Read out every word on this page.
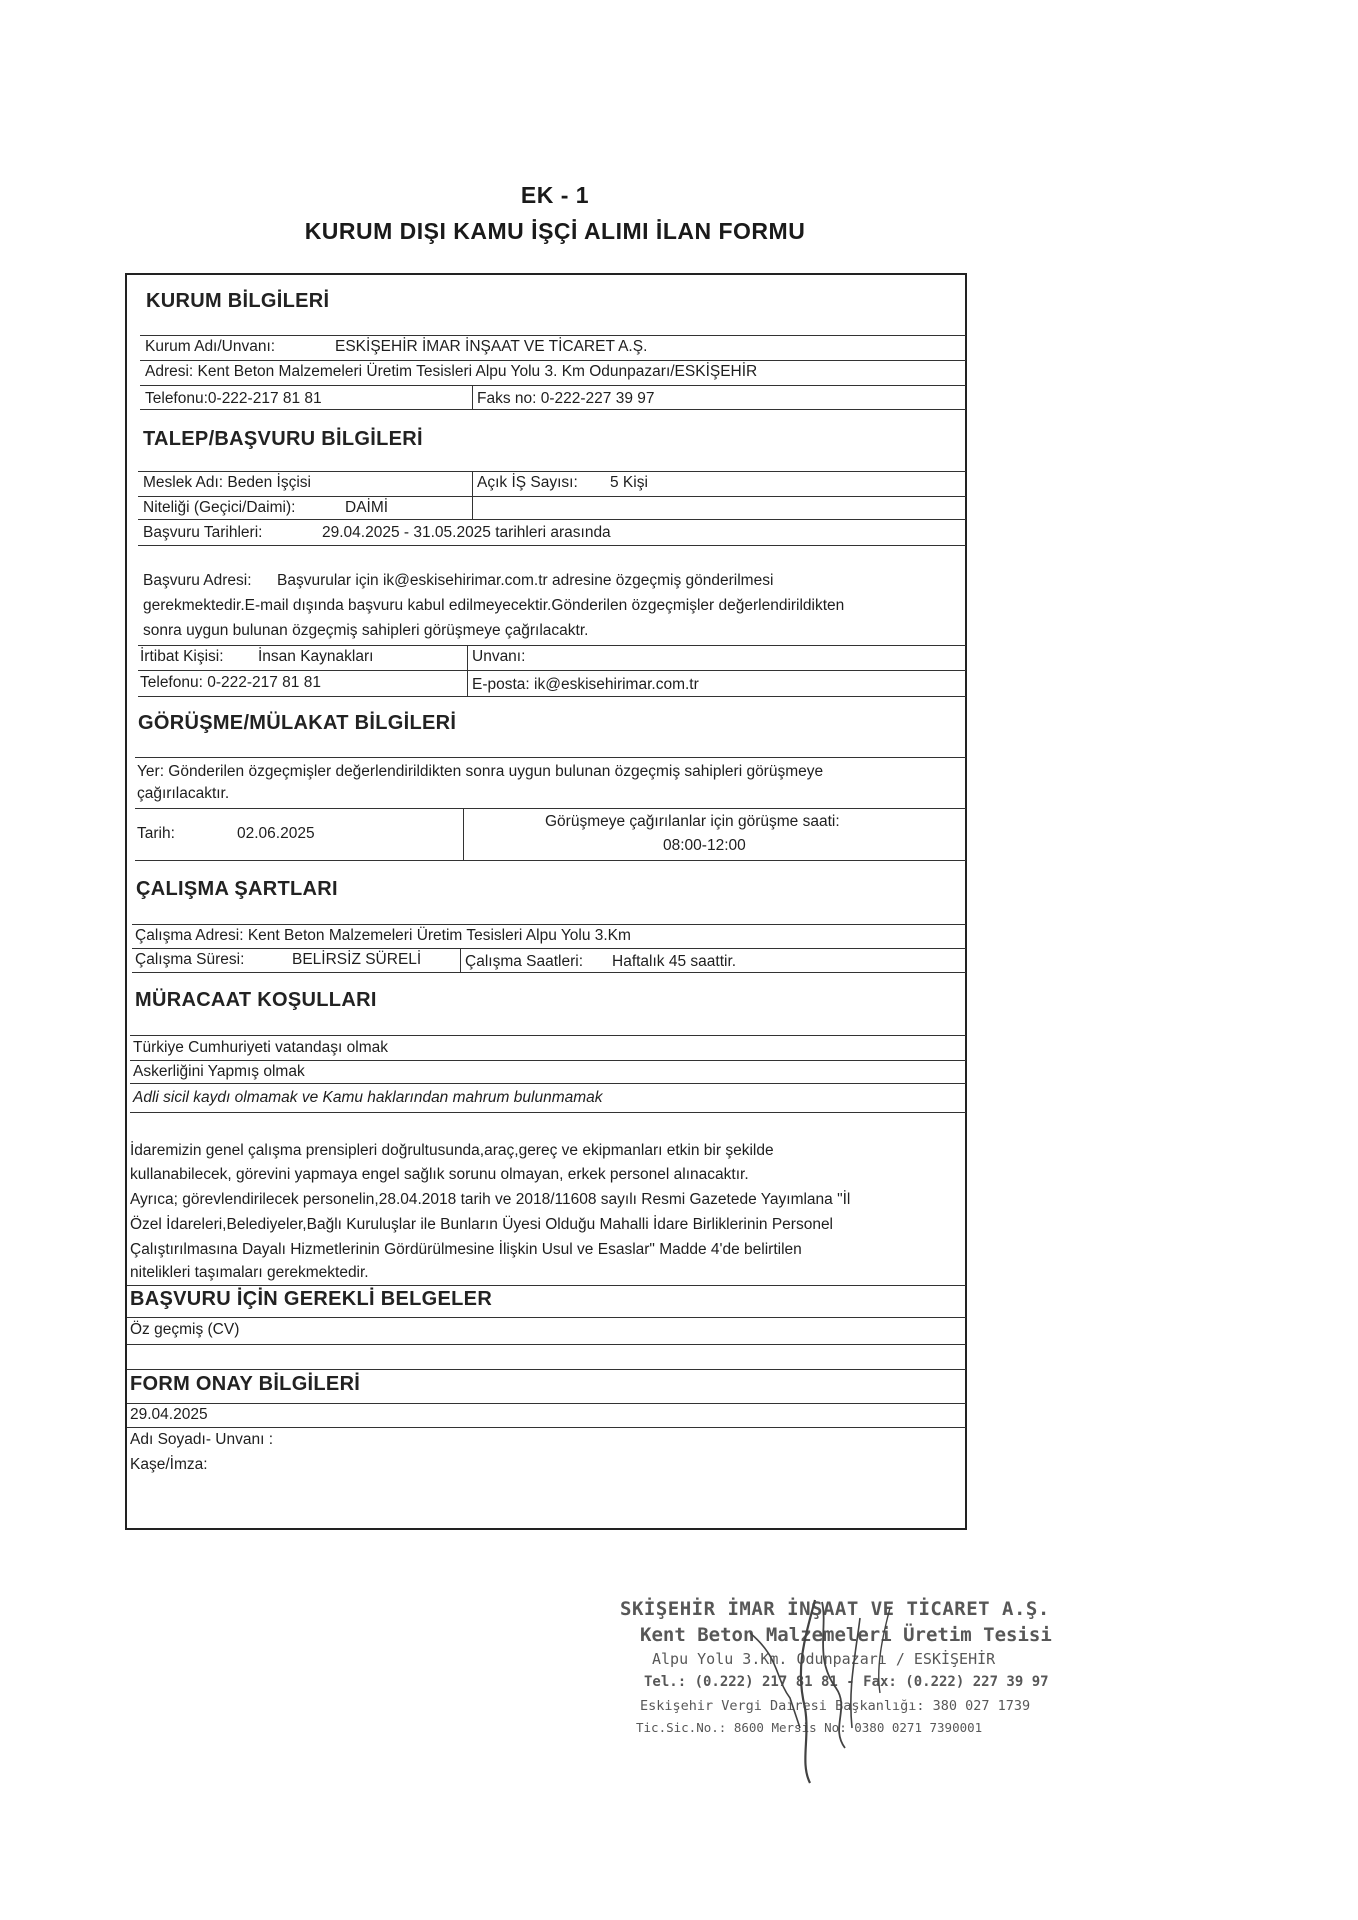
EK - 1
KURUM DIŞI KAMU İŞÇİ ALIMI İLAN FORMU
KURUM BİLGİLERİ
Kurum Adı/Unvanı:	ESKİŞEHİR İMAR İNŞAAT VE TİCARET A.Ş.
Adresi: Kent Beton Malzemeleri Üretim Tesisleri Alpu Yolu 3. Km Odunpazarı/ESKİŞEHİR
Telefonu:0-222-217 81 81	Faks no: 0-222-227 39 97
TALEP/BAŞVURU BİLGİLERİ
Meslek Adı: Beden İşçisi	Açık İŞ Sayısı: 5 Kişi
Niteliği (Geçici/Daimi):	DAİMİ
Başvuru Tarihleri:	29.04.2025 - 31.05.2025 tarihleri arasında
Başvuru Adresi: Başvurular için ik@eskisehirimar.com.tr adresine özgeçmiş gönderilmesi
gerekmektedir.E-mail dışında başvuru kabul edilmeyecektir.Gönderilen özgeçmişler değerlendirildikten
sonra uygun bulunan özgeçmiş sahipleri görüşmeye çağrılacaktr.
İrtibat Kişisi: İnsan Kaynakları	Unvanı:
Telefonu: 0-222-217 81 81	E-posta: ik@eskisehirimar.com.tr
GÖRÜŞME/MÜLAKAT BİLGİLERİ
Yer: Gönderilen özgeçmişler değerlendirildikten sonra uygun bulunan özgeçmiş sahipleri görüşmeye
çağırılacaktır.
Tarih:	02.06.2025
Görüşmeye çağırılanlar için görüşme saati:
08:00-12:00
ÇALIŞMA ŞARTLARI
Çalışma Adresi: Kent Beton Malzemeleri Üretim Tesisleri Alpu Yolu 3.Km
Çalışma Süresi:	BELİRSİZ SÜRELİ	Çalışma Saatleri: Haftalık 45 saattir.
MÜRACAAT KOŞULLARI
Türkiye Cumhuriyeti vatandaşı olmak
Askerliğini Yapmış olmak
Adli sicil kaydı olmamak ve Kamu haklarından mahrum bulunmamak
İdaremizin genel çalışma prensipleri doğrultusunda,araç,gereç ve ekipmanları etkin bir şekilde
kullanabilecek, görevini yapmaya engel sağlık sorunu olmayan, erkek personel alınacaktır.
Ayrıca; görevlendirilecek personelin,28.04.2018 tarih ve 2018/11608 sayılı Resmi Gazetede Yayımlana "İl
Özel İdareleri,Belediyeler,Bağlı Kuruluşlar ile Bunların Üyesi Olduğu Mahalli İdare Birliklerinin Personel
Çalıştırılmasına Dayalı Hizmetlerinin Gördürülmesine İlişkin Usul ve Esaslar" Madde 4'de belirtilen
nitelikleri taşımaları gerekmektedir.
BAŞVURU İÇİN GEREKLİ BELGELER
Öz geçmiş (CV)
FORM ONAY BİLGİLERİ
29.04.2025
Adı Soyadı- Unvanı :
Kaşe/İmza:
SKİŞEHİR İMAR İNŞAAT VE TİCARET A.Ş.
Kent Beton Malzemeleri Üretim Tesisi
Alpu Yolu 3.Km. Odunpazarı / ESKİŞEHİR
Tel.: (0.222) 217 81 81 - Fax: (0.222) 227 39 97
Eskişehir Vergi Dairesi Başkanlığı: 380 027 1739
Tic.Sic.No.: 8600 Mersis No: 0380 0271 7390001
